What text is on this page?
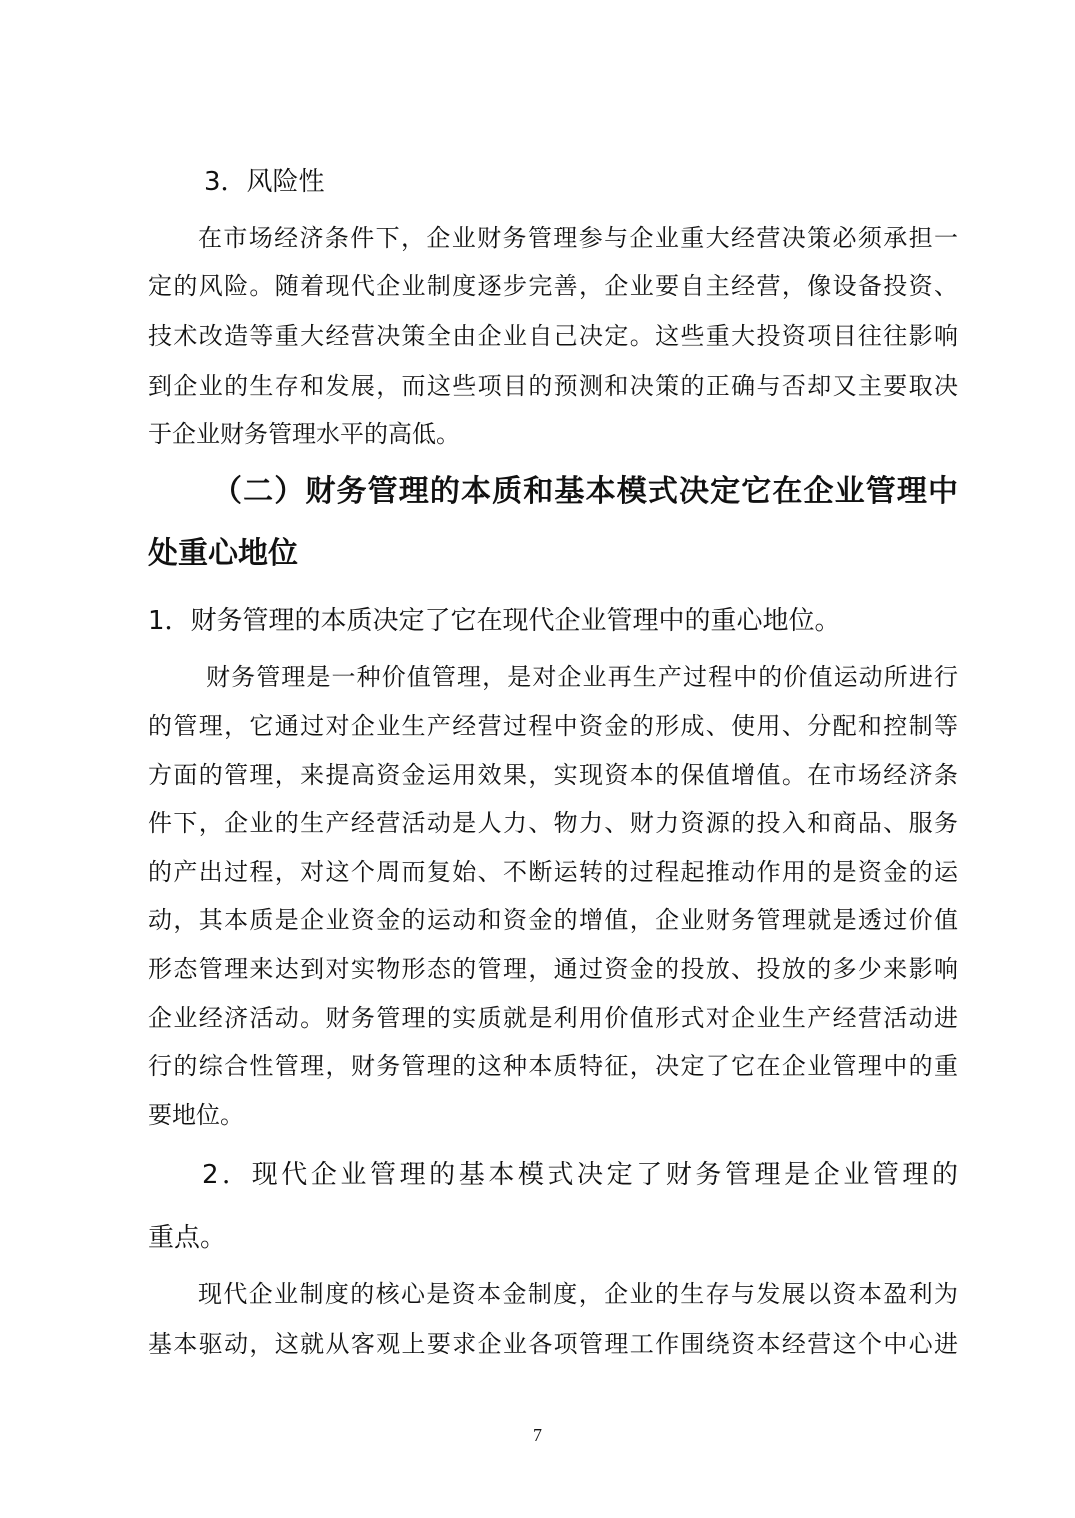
3．风险性
在市场经济条件下，企业财务管理参与企业重大经营决策必须承担一
定的风险。随着现代企业制度逐步完善，企业要自主经营，像设备投资、
技术改造等重大经营决策全由企业自己决定。这些重大投资项目往往影响
到企业的生存和发展，而这些项目的预测和决策的正确与否却又主要取决
于企业财务管理水平的高低。
（二）财务管理的本质和基本模式决定它在企业管理中
处重心地位
1．财务管理的本质决定了它在现代企业管理中的重心地位。
财务管理是一种价值管理，是对企业再生产过程中的价值运动所进行
的管理，它通过对企业生产经营过程中资金的形成、使用、分配和控制等
方面的管理，来提高资金运用效果，实现资本的保值增值。在市场经济条
件下，企业的生产经营活动是人力、物力、财力资源的投入和商品、服务
的产出过程，对这个周而复始、不断运转的过程起推动作用的是资金的运
动，其本质是企业资金的运动和资金的增值，企业财务管理就是透过价值
形态管理来达到对实物形态的管理，通过资金的投放、投放的多少来影响
企业经济活动。财务管理的实质就是利用价值形式对企业生产经营活动进
行的综合性管理，财务管理的这种本质特征，决定了它在企业管理中的重
要地位。
2．现代企业管理的基本模式决定了财务管理是企业管理的
重点。
现代企业制度的核心是资本金制度，企业的生存与发展以资本盈利为
基本驱动，这就从客观上要求企业各项管理工作围绕资本经营这个中心进
7
